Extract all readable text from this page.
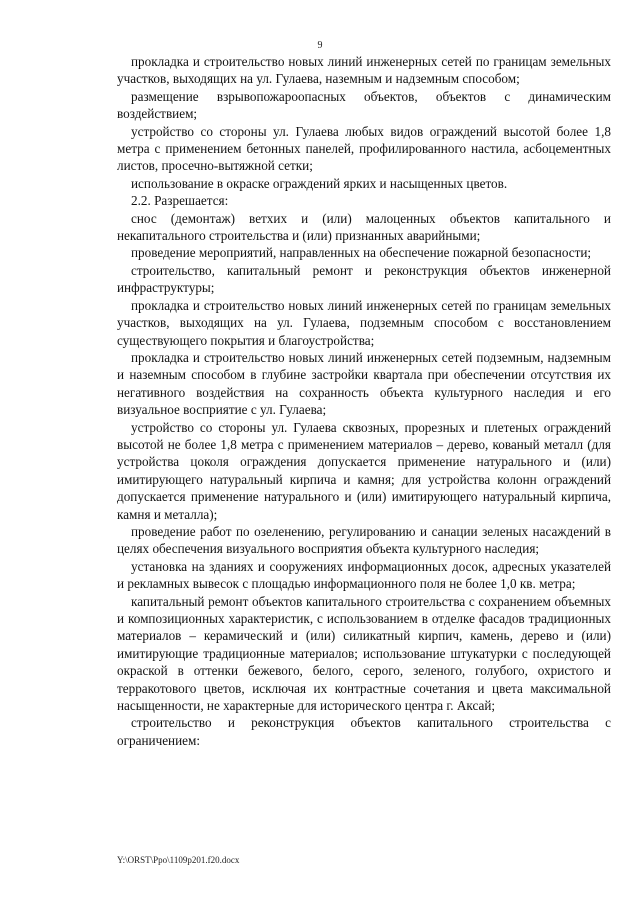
9

прокладка и строительство новых линий инженерных сетей по границам земельных участков, выходящих на ул. Гулаева, наземным и надземным способом;

размещение взрывопожароопасных объектов, объектов с динамическим воздействием;

устройство со стороны ул. Гулаева любых видов ограждений высотой более 1,8 метра с применением бетонных панелей, профилированного настила, асбоцементных листов, просечно-вытяжной сетки;

использование в окраске ограждений ярких и насыщенных цветов.

2.2. Разрешается:

снос (демонтаж) ветхих и (или) малоценных объектов капитального и некапитального строительства и (или) признанных аварийными;

проведение мероприятий, направленных на обеспечение пожарной безопасности;

строительство, капитальный ремонт и реконструкция объектов инженерной инфраструктуры;

прокладка и строительство новых линий инженерных сетей по границам земельных участков, выходящих на ул. Гулаева, подземным способом с восстановлением существующего покрытия и благоустройства;

прокладка и строительство новых линий инженерных сетей подземным, надземным и наземным способом в глубине застройки квартала при обеспечении отсутствия их негативного воздействия на сохранность объекта культурного наследия и его визуальное восприятие с ул. Гулаева;

устройство со стороны ул. Гулаева сквозных, прорезных и плетеных ограждений высотой не более 1,8 метра с применением материалов – дерево, кованый металл (для устройства цоколя ограждения допускается применение натурального и (или) имитирующего натуральный кирпича и камня; для устройства колонн ограждений допускается применение натурального и (или) имитирующего натуральный кирпича, камня и металла);

проведение работ по озеленению, регулированию и санации зеленых насаждений в целях обеспечения визуального восприятия объекта культурного наследия;

установка на зданиях и сооружениях информационных досок, адресных указателей и рекламных вывесок с площадью информационного поля не более 1,0 кв. метра;

капитальный ремонт объектов капитального строительства с сохранением объемных и композиционных характеристик, с использованием в отделке фасадов традиционных материалов – керамический и (или) силикатный кирпич, камень, дерево и (или) имитирующие традиционные материалов; использование штукатурки с последующей окраской в оттенки бежевого, белого, серого, зеленого, голубого, охристого и терракотового цветов, исключая их контрастные сочетания и цвета максимальной насыщенности, не характерные для исторического центра г. Аксай;

строительство и реконструкция объектов капитального строительства с ограничением:

Y:\ORST\Ppo\1109p201.f20.docx
